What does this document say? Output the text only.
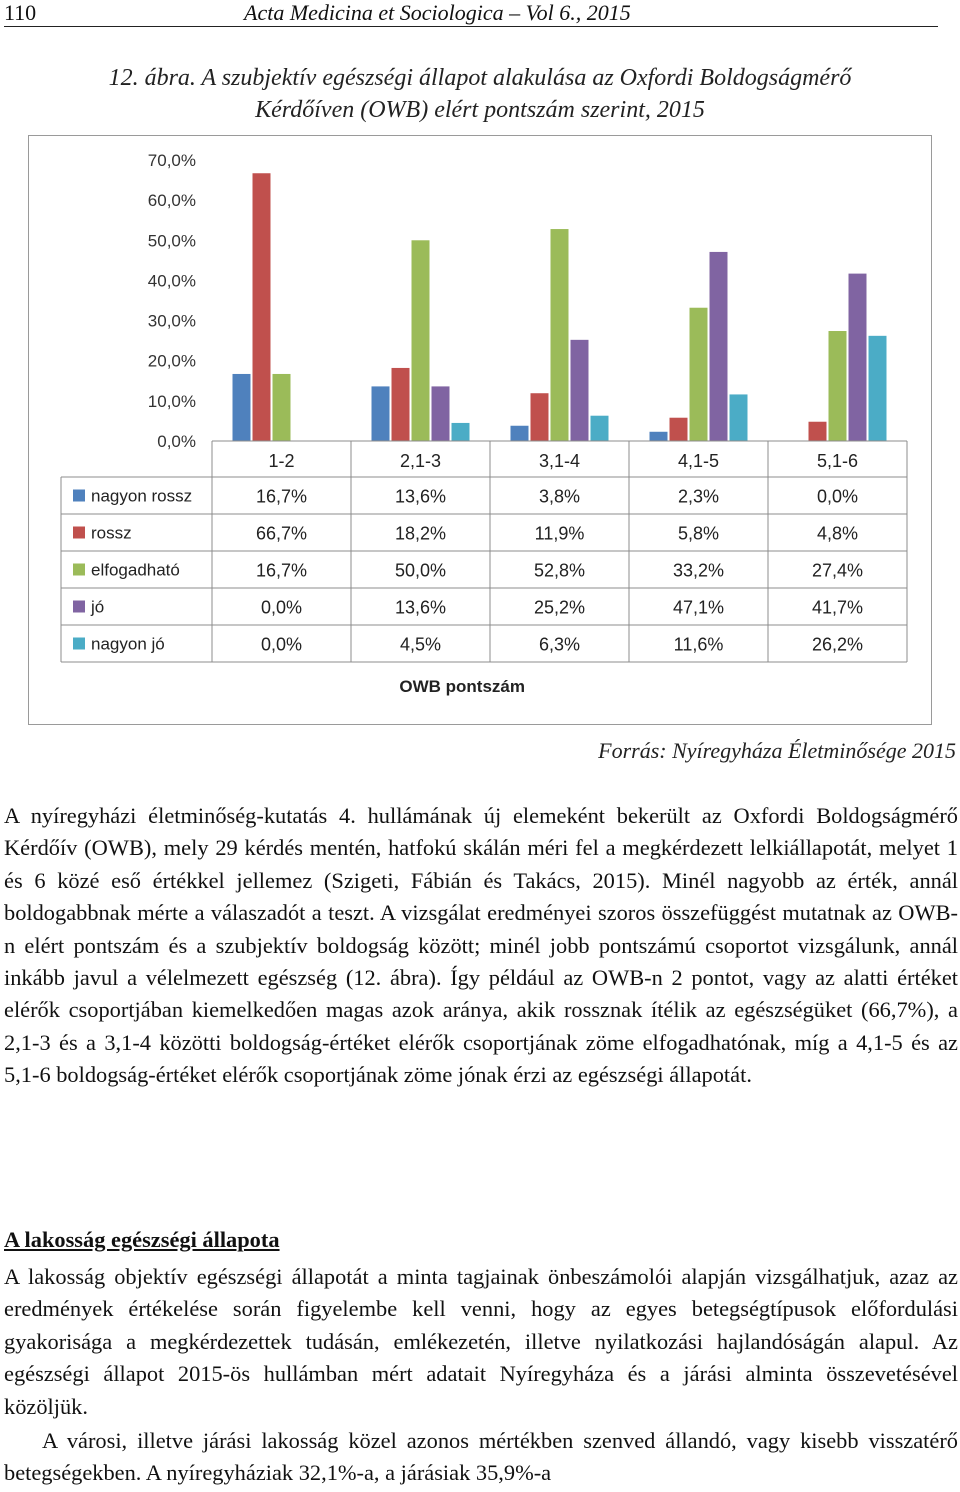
110	Acta Medicina et Sociologica – Vol 6., 2015
12. ábra. A szubjektív egészségi állapot alakulása az Oxfordi Boldogságmérő
Kérdőíven (OWB) elért pontszám szerint, 2015
0,0%
10,0%
20,0%
30,0%
40,0%
50,0%
60,0%
70,0%
1-2	2,1-3	3,1-4	4,1-5	5,1-6
nagyon rossz	16,7%	13,6%	3,8%	2,3%	0,0%
rossz	66,7%	18,2%	11,9%	5,8%	4,8%
elfogadható	16,7%	50,0%	52,8%	33,2%	27,4%
jó	0,0%	13,6%	25,2%	47,1%	41,7%
nagyon jó	0,0%	4,5%	6,3%	11,6%	26,2%
OWB pontszám
Forrás: Nyíregyháza Életminősége 2015

A nyíregyházi életminőség-kutatás 4. hullámának új elemeként bekerült az Oxfordi Boldogságmérő Kérdőív (OWB), mely 29 kérdés mentén, hatfokú skálán méri fel a megkérdezett lelkiállapotát, melyet 1 és 6 közé eső értékkel jellemez (Szigeti, Fábián és Takács, 2015). Minél nagyobb az érték, annál boldogabbnak mérte a válaszadót a teszt. A vizsgálat eredményei szoros összefüggést mutatnak az OWB-n elért pontszám és a szubjektív boldogság között; minél jobb pontszámú csoportot vizsgálunk, annál inkább javul a vélelmezett egészség (12. ábra). Így például az OWB-n 2 pontot, vagy az alatti értéket elérők csoportjában kiemelkedően magas azok aránya, akik rossznak ítélik az egészségüket (66,7%), a 2,1-3 és a 3,1-4 közötti boldogság-értéket elérők csoportjának zöme elfogadhatónak, míg a 4,1-5 és az 5,1-6 boldogság-értéket elérők csoportjának zöme jónak érzi az egészségi állapotát.

A lakosság egészségi állapota

A lakosság objektív egészségi állapotát a minta tagjainak önbeszámolói alapján vizsgálhatjuk, azaz az eredmények értékelése során figyelembe kell venni, hogy az egyes betegségtípusok előfordulási gyakorisága a megkérdezettek tudásán, emlékezetén, illetve nyilatkozási hajlandóságán alapul. Az egészségi állapot 2015-ös hullámban mért adatait Nyíregyháza és a járási alminta összevetésével közöljük.

A városi, illetve járási lakosság közel azonos mértékben szenved állandó, vagy kisebb visszatérő betegségekben. A nyíregyháziak 32,1%-a, a járásiak 35,9%-a
